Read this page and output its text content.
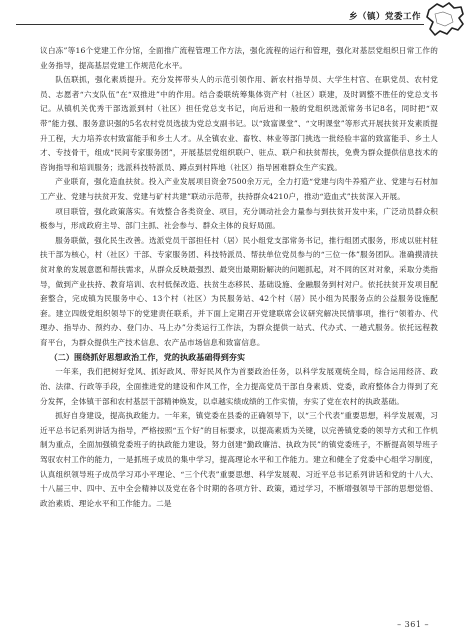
乡（镇）党委工作

议白冻”等16个党建工作分馆，全面推广流程管理工作方法，强化流程的运行和管理，强化对基层党组织日常工作的业务指导，提高基层党建工作规范化水平。

队伍联抓，强化素质提升。充分发挥带头人的示范引领作用、新农村指导员、大学生村官、在职党员、农村党员、志愿者“六支队伍”在“双推进”中的作用。结合委联统筹集体资产村（社区）联建，及时调整不胜任的党总支书记。从镇机关优秀干部选派到村（社区）担任党总支书记，向后进和一般的党组织选派常务书记8名，同时把“双带”能力强、服务意识强的5名农村党员选拔为党总支副书记。以“致富课堂”、“文明课堂”等形式开展扶贫开发素质提升工程，大力培养农村致富能手和乡土人才。从全镇农业、畜牧、林业等部门挑选一批经验丰富的致富能手、乡土人才、专技骨干，组成“民间专家服务团”，开展基层党组织联户、驻点、联户和扶贫帮扶，免费为群众提供信息技术的咨询指导和培训服务；选派科技特派员、蹲点到村阵地（社区）指导困难群众生产实践。

产业联育，强化造血扶贫。投入产业发展项目资金7500余万元，全力打造“党建与肉牛养殖产业、党建与石材加工产业、党建与扶贫开发、党建与矿村共建”联动示范带，扶持群众4210户，推动“造血式”扶贫深入开展。

项目联管，强化政策落实。有效整合各类资金、项目，充分调动社会力量参与到扶贫开发中来，广泛动员群众积极参与，形成政府主导、部门主抓、社会参与、群众主体的良好局面。

服务联做，强化民生改善。选派党员干部担任村（居）民小组党支部常务书记，推行组团式服务，形成以驻村驻扶干部为核心，村（社区）干部、专家服务团、科技特派员、帮扶单位党员参与的“三位一体”服务团队。准确摸清扶贫对象的发展意愿和帮扶需求，从群众反映最强烈、最突出最期盼解决的问题抓起，对不同的区对对象，采取分类指导，做到产业扶持、教育培训、农村低保改造、扶贫生态移民、基础设施、金融服务到村对户。依托扶贫开发项目配套整合，完成镇为民服务中心、13个村（社区）为民服务站、42个村（居）民小组为民服务点的公益服务设施配套。建立四级党组织领导下的党建责任联系，并下面上定期召开党建联席会议研究解决民情事项，推行“领着办、代理办、指导办、预约办、登门办、马上办”分类运行工作法，为群众提供一站式、代办式、一趟式服务。依托远程教育平台，为群众提供生产技术信息、农产品市场信息和致富信息。

（二）围绕抓好思想政治工作，党的执政基础得到夯实

一年来，我们把树好党风、抓好政风、带好民风作为首要政治任务，以科学发展观统全局，综合运用经济、政治、法律、行政等手段，全面推进党的建设和作风工作，全力提高党员干部自身素质、党委，政府整体合力得到了充分发挥，全体镇干部和农村基层干部精神焕发，以卓越实绩成绩的工作实情，夯实了党在农村的执政基础。

抓好自身建设，提高执政能力。一年来，镇党委在县委的正确领导下，以“三个代表”重要思想，科学发展观，习近平总书记系列讲话为指导，严格按照“五个好”的目标要求，以提高素质为关键，以完善镇党委的领导方式和工作机制为重点，全面加强镇党委班子的执政能力建设，努力创建“勤政廉洁、执政为民”的镇党委班子，不断提高领导班子驾驭农村工作的能力，一是抓班子成员的集中学习，提高理论水平和工作能力。建立和健全了党委中心组学习制度，认真组织领导班子成员学习邓小平理论、“三个代表”重要思想、科学发展观、习近平总书记系列讲话和党的十八大、十八届三中、四中、五中全会精神以及党在各个时期的各项方针、政策，通过学习，不断增强领导干部的思想觉悟、政治素质、理论水平和工作能力。二是

– 361 –
